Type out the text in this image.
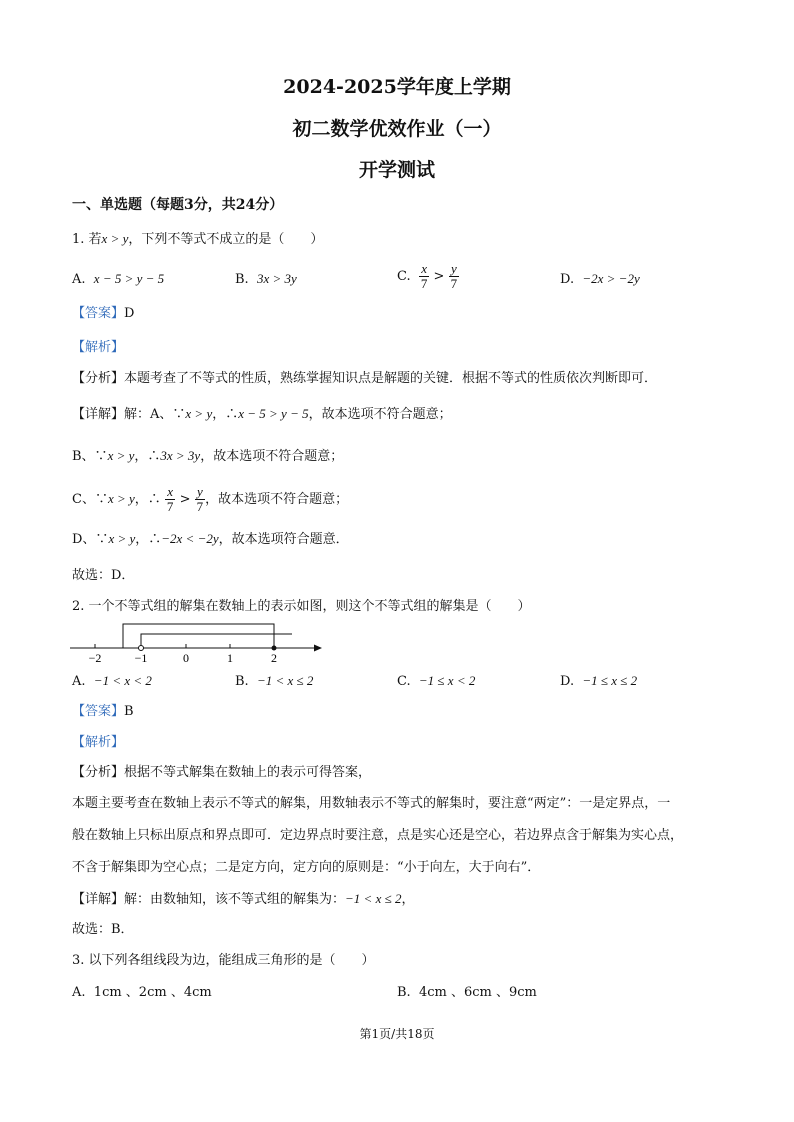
2024-2025学年度上学期
初二数学优效作业（一）
开学测试
一、单选题（每题3分，共24分）
1. 若x > y，下列不等式不成立的是（　　）
A. x − 5 > y − 5	B. 3x > 3y	C. $\frac{x}{7} > \frac{y}{7}$	D. −2x > −2y
【答案】D
【解析】
【分析】本题考查了不等式的性质，熟练掌握知识点是解题的关键．根据不等式的性质依次判断即可．
【详解】解：A、∵x > y，∴x − 5 > y − 5，故本选项不符合题意；
B、∵x > y，∴3x > 3y，故本选项不符合题意；
C、∵x > y，∴ $\frac{x}{7} > \frac{y}{7}$ ，故本选项不符合题意；
D、∵x > y，∴−2x < −2y，故本选项符合题意．
故选：D．
2. 一个不等式组的解集在数轴上的表示如图，则这个不等式组的解集是（　　）
−2	−1	0	1	2
A. −1 < x < 2	B. −1 < x ≤ 2	C. −1 ≤ x < 2	D. −1 ≤ x ≤ 2
【答案】B
【解析】
【分析】根据不等式解集在数轴上的表示可得答案，
本题主要考查在数轴上表示不等式的解集，用数轴表示不等式的解集时，要注意“两定”：一是定界点，一
般在数轴上只标出原点和界点即可．定边界点时要注意，点是实心还是空心，若边界点含于解集为实心点，
不含于解集即为空心点；二是定方向，定方向的原则是：“小于向左，大于向右”．
【详解】解：由数轴知，该不等式组的解集为：−1 < x ≤ 2，
故选：B．
3. 以下列各组线段为边，能组成三角形的是（　　）
A. 1cm 、2cm 、4cm	B. 4cm 、6cm 、9cm
第1页/共18页
